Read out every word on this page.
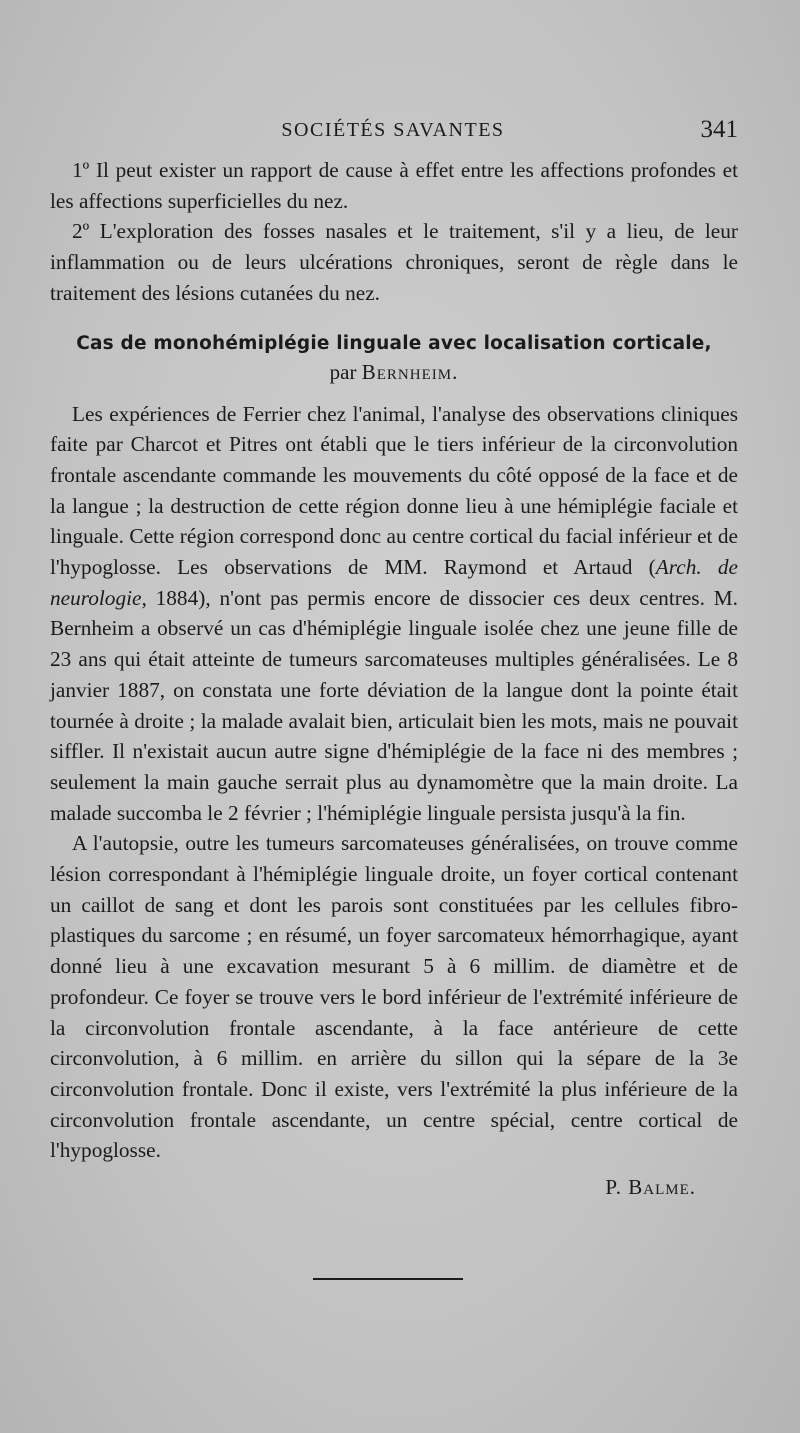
SOCIÉTÉS SAVANTES	341

1º Il peut exister un rapport de cause à effet entre les affections profondes et les affections superficielles du nez.

2º L'exploration des fosses nasales et le traitement, s'il y a lieu, de leur inflammation ou de leurs ulcérations chroniques, seront de règle dans le traitement des lésions cutanées du nez.

Cas de monohémiplégie linguale avec localisation corticale,
par Bernheim.

Les expériences de Ferrier chez l'animal, l'analyse des observations cliniques faite par Charcot et Pitres ont établi que le tiers inférieur de la circonvolution frontale ascendante commande les mouvements du côté opposé de la face et de la langue ; la destruction de cette région donne lieu à une hémiplégie faciale et linguale. Cette région correspond donc au centre cortical du facial inférieur et de l'hypoglosse. Les observations de MM. Raymond et Artaud (Arch. de neurologie, 1884), n'ont pas permis encore de dissocier ces deux centres. M. Bernheim a observé un cas d'hémiplégie linguale isolée chez une jeune fille de 23 ans qui était atteinte de tumeurs sarcomateuses multiples généralisées. Le 8 janvier 1887, on constata une forte déviation de la langue dont la pointe était tournée à droite ; la malade avalait bien, articulait bien les mots, mais ne pouvait siffler. Il n'existait aucun autre signe d'hémiplégie de la face ni des membres ; seulement la main gauche serrait plus au dynamomètre que la main droite. La malade succomba le 2 février ; l'hémiplégie linguale persista jusqu'à la fin.

A l'autopsie, outre les tumeurs sarcomateuses généralisées, on trouve comme lésion correspondant à l'hémiplégie linguale droite, un foyer cortical contenant un caillot de sang et dont les parois sont constituées par les cellules fibro-plastiques du sarcome ; en résumé, un foyer sarcomateux hémorrhagique, ayant donné lieu à une excavation mesurant 5 à 6 millim. de diamètre et de profondeur. Ce foyer se trouve vers le bord inférieur de l'extrémité inférieure de la circonvolution frontale ascendante, à la face antérieure de cette circonvolution, à 6 millim. en arrière du sillon qui la sépare de la 3e circonvolution frontale. Donc il existe, vers l'extrémité la plus inférieure de la circonvolution frontale ascendante, un centre spécial, centre cortical de l'hypoglosse.

P. Balme.
